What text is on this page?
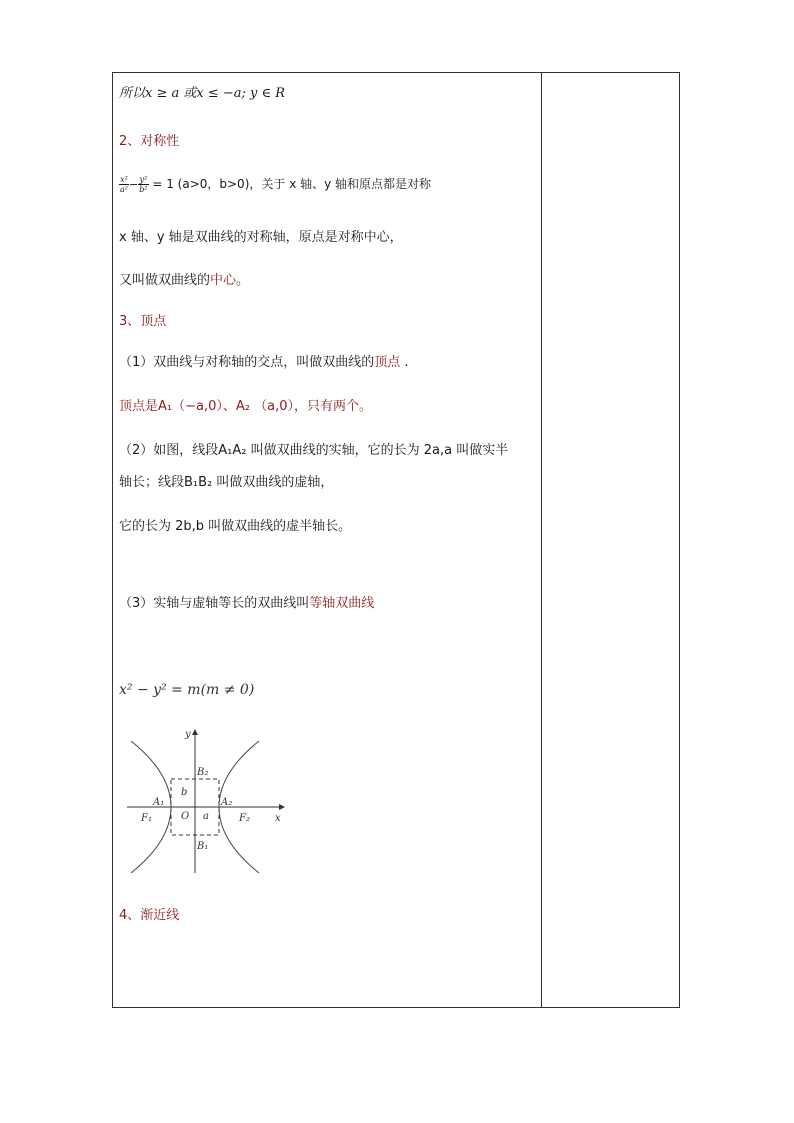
所以x ≥ a 或x ≤ −a; y ∈ R
2、对称性
$\frac{\text{x²}}{\text{a²}} - \frac{\text{y²}}{\text{b²}} = 1$ (a>0，b>0)，关于 x 轴、y 轴和原点都是对称
x 轴、y 轴是双曲线的对称轴，原点是对称中心，
又叫做双曲线的中心。
3、顶点
（1）双曲线与对称轴的交点，叫做双曲线的顶点 .
顶点是A₁（−a,0）、A₂ （a,0），只有两个。
（2）如图，线段A₁A₂ 叫做双曲线的实轴，它的长为 2a,a 叫做实半
轴长；线段B₁B₂ 叫做双曲线的虚轴，
它的长为 2b,b 叫做双曲线的虚半轴长。
（3）实轴与虚轴等长的双曲线叫等轴双曲线
x² − y² = m(m ≠ 0)
y
x
B₂
B₁
A₁	A₂
F₁	F₂
O a
b
4、渐近线
